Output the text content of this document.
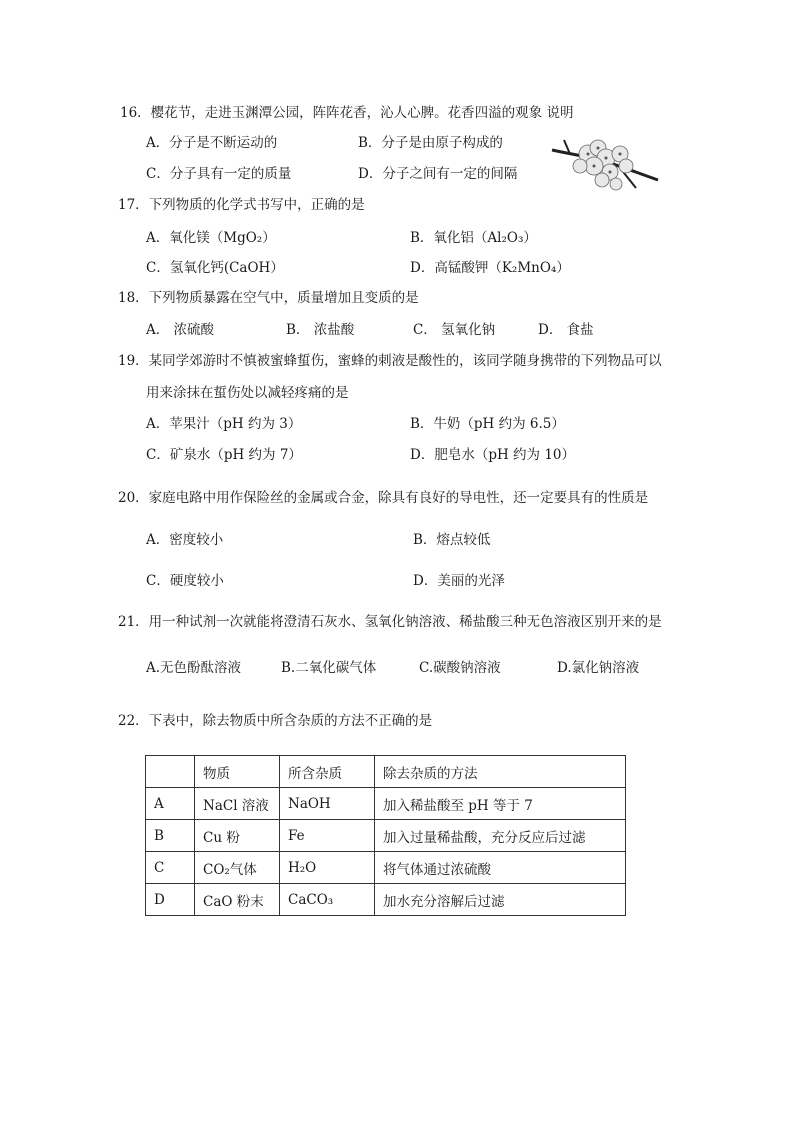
16．樱花节，走进玉渊潭公园，阵阵花香，沁人心脾。花香四溢的观象 说明
A．分子是不断运动的	B．分子是由原子构成的
C．分子具有一定的质量	D．分子之间有一定的间隔
17．下列物质的化学式书写中，正确的是
A．氧化镁（MgO₂）	B．氧化铝（Al₂O₃）
C．氢氧化钙(CaOH）	D．高锰酸钾（K₂MnO₄）
18．下列物质暴露在空气中，质量增加且变质的是
A． 浓硫酸	B． 浓盐酸	C． 氢氧化钠	D． 食盐
19．某同学郊游时不慎被蜜蜂蜇伤，蜜蜂的刺液是酸性的，该同学随身携带的下列物品可以
用来涂抹在蜇伤处以减轻疼痛的是
A．苹果汁（pH 约为 3）	B．牛奶（pH 约为 6.5）
C．矿泉水（pH 约为 7）	D．肥皂水（pH 约为 10）
20．家庭电路中用作保险丝的金属或合金，除具有良好的导电性，还一定要具有的性质是
A．密度较小	B．熔点较低
C．硬度较小	D．美丽的光泽
21．用一种试剂一次就能将澄清石灰水、氢氧化钠溶液、稀盐酸三种无色溶液区别开来的是
A.无色酚酞溶液	B.二氧化碳气体	C.碳酸钠溶液	D.氯化钠溶液
22．下表中，除去物质中所含杂质的方法不正确的是
	物质	所含杂质	除去杂质的方法
A	NaCl 溶液	NaOH	加入稀盐酸至 pH 等于 7
B	Cu 粉	Fe	加入过量稀盐酸，充分反应后过滤
C	CO₂气体	H₂O	将气体通过浓硫酸
D	CaO 粉末	CaCO₃	加水充分溶解后过滤
